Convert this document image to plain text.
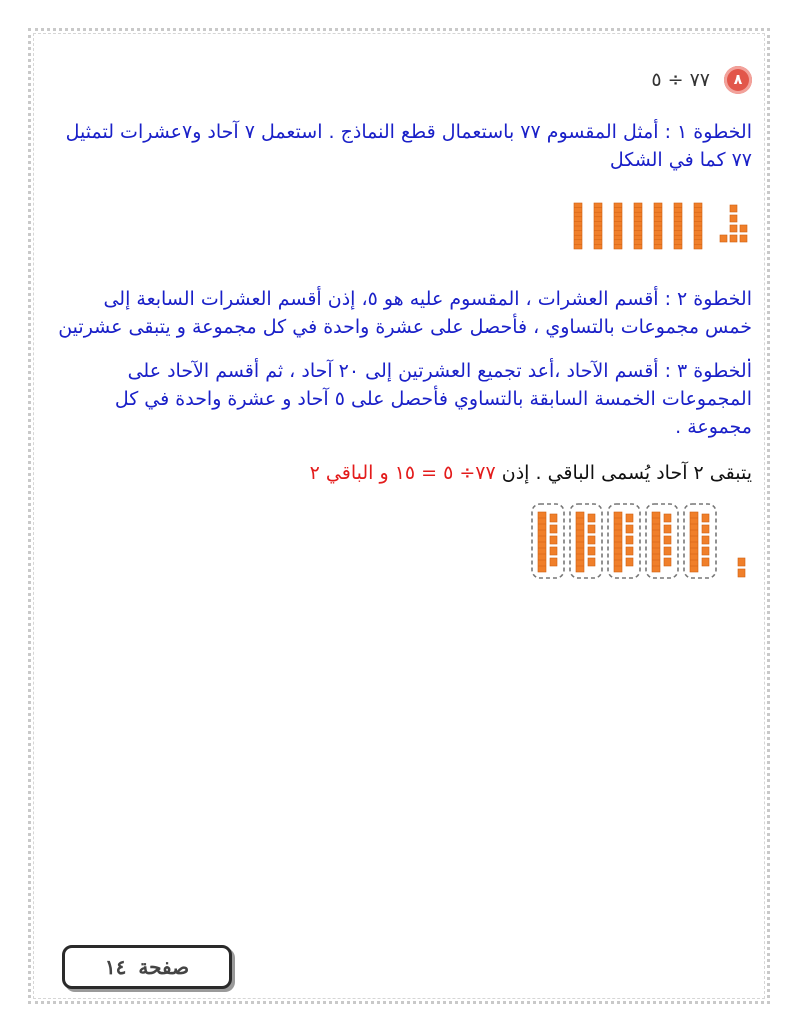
٨
٧٧ ÷ ٥
الخطوة ١ : أمثل المقسوم ٧٧ باستعمال قطع النماذج . استعمل ٧ آحاد و٧عشرات لتمثيل ٧٧ كما في الشكل
الخطوة ٢ : أقسم العشرات ، المقسوم عليه هو ٥، إذن أقسم العشرات السابعة إلى خمس مجموعات بالتساوي ، فأحصل على عشرة واحدة في كل مجموعة و يتبقى عشرتين .
الخطوة ٣ : أقسم الآحاد ،أعد تجميع العشرتين إلى ٢٠ آحاد ، ثم أقسم الآحاد على المجموعات الخمسة السابقة بالتساوي فأحصل على ٥ آحاد و عشرة واحدة في كل مجموعة .
يتبقى ٢ آحاد يُسمى الباقي . إذن ٧٧÷ ٥ = ١٥ و الباقي ٢
صفحة
١٤
